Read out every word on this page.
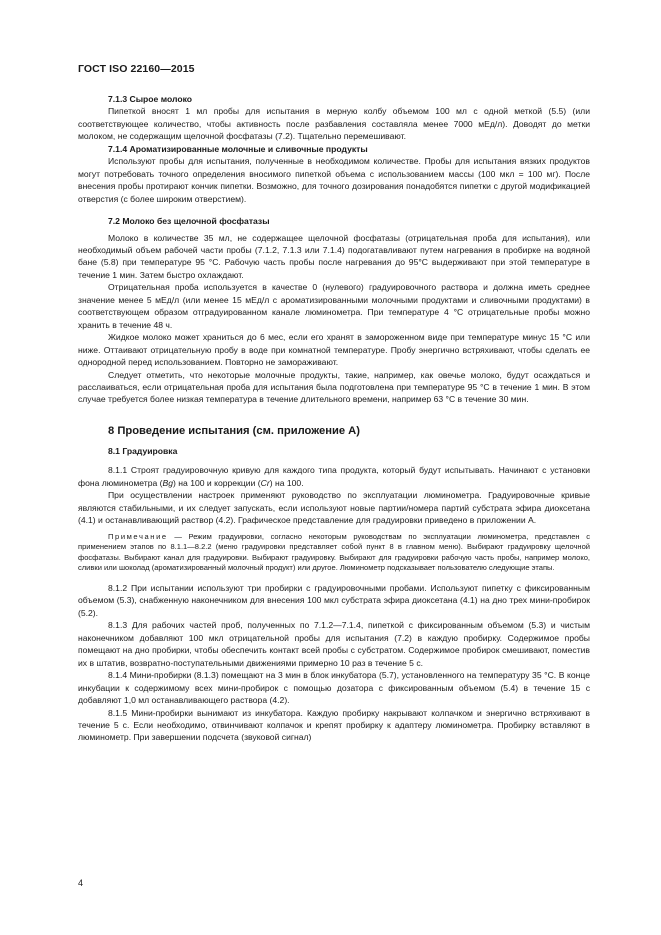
ГОСТ ISO 22160—2015
7.1.3 Сырое молоко

Пипеткой вносят 1 мл пробы для испытания в мерную колбу объемом 100 мл с одной меткой (5.5) (или соответствующее количество, чтобы активность после разбавления составляла менее 7000 мЕд/л). Доводят до метки молоком, не содержащим щелочной фосфатазы (7.2). Тщательно перемешивают.

7.1.4 Ароматизированные молочные и сливочные продукты

Используют пробы для испытания, полученные в необходимом количестве. Пробы для испытания вязких продуктов могут потребовать точного определения вносимого пипеткой объема с использованием массы (100 мкл = 100 мг). После внесения пробы протирают кончик пипетки. Возможно, для точного дозирования понадобятся пипетки с другой модификацией отверстия (с более широким отверстием).

7.2 Молоко без щелочной фосфатазы

Молоко в количестве 35 мл, не содержащее щелочной фосфатазы (отрицательная проба для испытания), или необходимый объем рабочей части пробы (7.1.2, 7.1.3 или 7.1.4) подогатавливают путем нагревания в пробирке на водяной бане (5.8) при температуре 95 °C. Рабочую часть пробы после нагревания до 95°C выдерживают при этой температуре в течение 1 мин. Затем быстро охлаждают.

Отрицательная проба используется в качестве 0 (нулевого) градуировочного раствора и должна иметь среднее значение менее 5 мЕд/л (или менее 15 мЕд/л с ароматизированными молочными продуктами и сливочными продуктами) в соответствующем образом отградуированном канале люминометра. При температуре 4 °C отрицательные пробы можно хранить в течение 48 ч.

Жидкое молоко может храниться до 6 мес, если его хранят в замороженном виде при температуре минус 15 °C или ниже. Оттаивают отрицательную пробу в воде при комнатной температуре. Пробу энергично встряхивают, чтобы сделать ее однородной перед использованием. Повторно не замораживают.

Следует отметить, что некоторые молочные продукты, такие, например, как овечье молоко, будут осаждаться и расслаиваться, если отрицательная проба для испытания была подготовлена при температуре 95 °C в течение 1 мин. В этом случае требуется более низкая температура в течение длительного времени, например 63 °C в течение 30 мин.

8 Проведение испытания (см. приложение А)
8.1 Градуировка

8.1.1 Строят градуировочную кривую для каждого типа продукта, который будут испытывать. Начинают с установки фона люминометра (Bg) на 100 и коррекции (Cr) на 100.

При осуществлении настроек применяют руководство по эксплуатации люминометра. Градуировочные кривые являются стабильными, и их следует запускать, если используют новые партии/номера партий субстрата эфира диоксетана (4.1) и останавливающий раствор (4.2). Графическое представление для градуировки приведено в приложении А.

Примечание — Режим градуировки, согласно некоторым руководствам по эксплуатации люминометра, представлен с применением этапов по 8.1.1—8.2.2 (меню градуировки представляет собой пункт 8 в главном меню). Выбирают градуировку щелочной фосфатазы. Выбирают канал для градуировки. Выбирают градуировку. Выбирают для градуировки рабочую часть пробы, например молоко, сливки или шоколад (ароматизированный молочный продукт) или другое. Люминометр подсказывает пользователю следующие этапы.

8.1.2 При испытании используют три пробирки с градуировочными пробами. Используют пипетку с фиксированным объемом (5.3), снабженную наконечником для внесения 100 мкл субстрата эфира диоксетана (4.1) на дно трех мини-пробирок (5.2).

8.1.3 Для рабочих частей проб, полученных по 7.1.2—7.1.4, пипеткой с фиксированным объемом (5.3) и чистым наконечником добавляют 100 мкл отрицательной пробы для испытания (7.2) в каждую пробирку. Содержимое пробы помещают на дно пробирки, чтобы обеспечить контакт всей пробы с субстратом. Содержимое пробирок смешивают, поместив их в штатив, возвратно-поступательными движениями примерно 10 раз в течение 5 с.

8.1.4 Мини-пробирки (8.1.3) помещают на 3 мин в блок инкубатора (5.7), установленного на температуру 35 °C. В конце инкубации к содержимому всех мини-пробирок с помощью дозатора с фиксированным объемом (5.4) в течение 15 с добавляют 1,0 мл останавливающего раствора (4.2).

8.1.5 Мини-пробирки вынимают из инкубатора. Каждую пробирку накрывают колпачком и энергично встряхивают в течение 5 с. Если необходимо, отвинчивают колпачок и крепят пробирку к адаптеру люминометра. Пробирку вставляют в люминометр. При завершении подсчета (звуковой сигнал)

4
